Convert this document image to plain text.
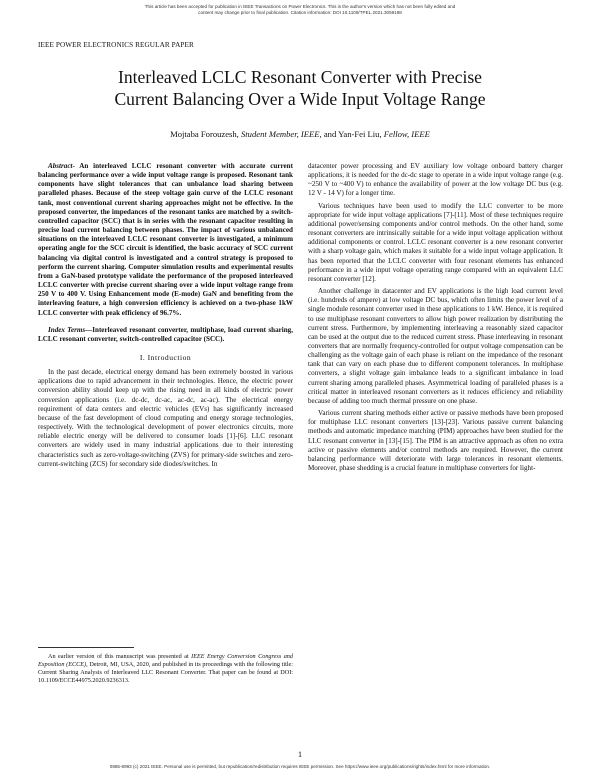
This article has been accepted for publication in IEEE Transactions on Power Electronics. This is the author's version which has not been fully edited and
content may change prior to final publication. Citation information: DOI 10.1109/TPEL.2021.3059198
IEEE POWER ELECTRONICS REGULAR PAPER
Interleaved LCLC Resonant Converter with Precise
Current Balancing Over a Wide Input Voltage Range
Mojtaba Forouzesh, Student Member, IEEE, and Yan-Fei Liu, Fellow, IEEE

Abstract- An interleaved LCLC resonant converter with accurate current balancing performance over a wide input voltage range is proposed. Resonant tank components have slight tolerances that can unbalance load sharing between paralleled phases. Because of the steep voltage gain curve of the LCLC resonant tank, most conventional current sharing approaches might not be effective. In the proposed converter, the impedances of the resonant tanks are matched by a switch-controlled capacitor (SCC) that is in series with the resonant capacitor resulting in precise load current balancing between phases. The impact of various unbalanced situations on the interleaved LCLC resonant converter is investigated, a minimum operating angle for the SCC circuit is identified, the basic accuracy of SCC current balancing via digital control is investigated and a control strategy is proposed to perform the current sharing. Computer simulation results and experimental results from a GaN-based prototype validate the performance of the proposed interleaved LCLC converter with precise current sharing over a wide input voltage range from 250 V to 400 V. Using Enhancement mode (E-mode) GaN and benefiting from the interleaving feature, a high conversion efficiency is achieved on a two-phase 1kW LCLC converter with peak efficiency of 96.7%.

Index Terms—Interleaved resonant converter, multiphase, load current sharing, LCLC resonant converter, switch-controlled capacitor (SCC).

I. Introduction

In the past decade, electrical energy demand has been extremely boosted in various applications due to rapid advancement in their technologies. Hence, the electric power conversion ability should keep up with the rising need in all kinds of electric power conversion applications (i.e. dc-dc, dc-ac, ac-dc, ac-ac). The electrical energy requirement of data centers and electric vehicles (EVs) has significantly increased because of the fast development of cloud computing and energy storage technologies, respectively. With the technological development of power electronics circuits, more reliable electric energy will be delivered to consumer loads [1]-[6]. LLC resonant converters are widely used in many industrial applications due to their interesting characteristics such as zero-voltage-switching (ZVS) for primary-side switches and zero-current-switching (ZCS) for secondary side diodes/switches. In

An earlier version of this manuscript was presented at IEEE Energy Conversion Congress and Exposition (ECCE), Detroit, MI, USA, 2020, and published in its proceedings with the following title: Current Sharing Analysis of Interleaved LLC Resonant Converter. That paper can be found at DOI: 10.1109/ECCE44975.2020.9236313.

datacenter power processing and EV auxiliary low voltage onboard battery charger applications, it is needed for the dc-dc stage to operate in a wide input voltage range (e.g. ~250 V to ~400 V) to enhance the availability of power at the low voltage DC bus (e.g. 12 V - 14 V) for a longer time.

Various techniques have been used to modify the LLC converter to be more appropriate for wide input voltage applications [7]-[11]. Most of these techniques require additional power/sensing components and/or control methods. On the other hand, some resonant converters are intrinsically suitable for a wide input voltage application without additional components or control. LCLC resonant converter is a new resonant converter with a sharp voltage gain, which makes it suitable for a wide input voltage application. It has been reported that the LCLC converter with four resonant elements has enhanced performance in a wide input voltage operating range compared with an equivalent LLC resonant converter [12].

Another challenge in datacenter and EV applications is the high load current level (i.e. hundreds of ampere) at low voltage DC bus, which often limits the power level of a single module resonant converter used in these applications to 1 kW. Hence, it is required to use multiphase resonant converters to allow high power realization by distributing the current stress. Furthermore, by implementing interleaving a reasonably sized capacitor can be used at the output due to the reduced current stress. Phase interleaving in resonant converters that are normally frequency-controlled for output voltage compensation can be challenging as the voltage gain of each phase is reliant on the impedance of the resonant tank that can vary on each phase due to different component tolerances. In multiphase converters, a slight voltage gain imbalance leads to a significant imbalance in load current sharing among paralleled phases. Asymmetrical loading of paralleled phases is a critical matter in interleaved resonant converters as it reduces efficiency and reliability because of adding too much thermal pressure on one phase.

Various current sharing methods either active or passive methods have been proposed for multiphase LLC resonant converters [13]-[23]. Various passive current balancing methods and automatic impedance matching (PIM) approaches have been studied for the LLC resonant converter in [13]-[15]. The PIM is an attractive approach as often no extra active or passive elements and/or control methods are required. However, the current balancing performance will deteriorate with large tolerances in resonant elements. Moreover, phase shedding is a crucial feature in multiphase converters for light-

1
0885-8993 (c) 2021 IEEE. Personal use is permitted, but republication/redistribution requires IEEE permission. See https://www.ieee.org/publications/rights/index.html for more information.
